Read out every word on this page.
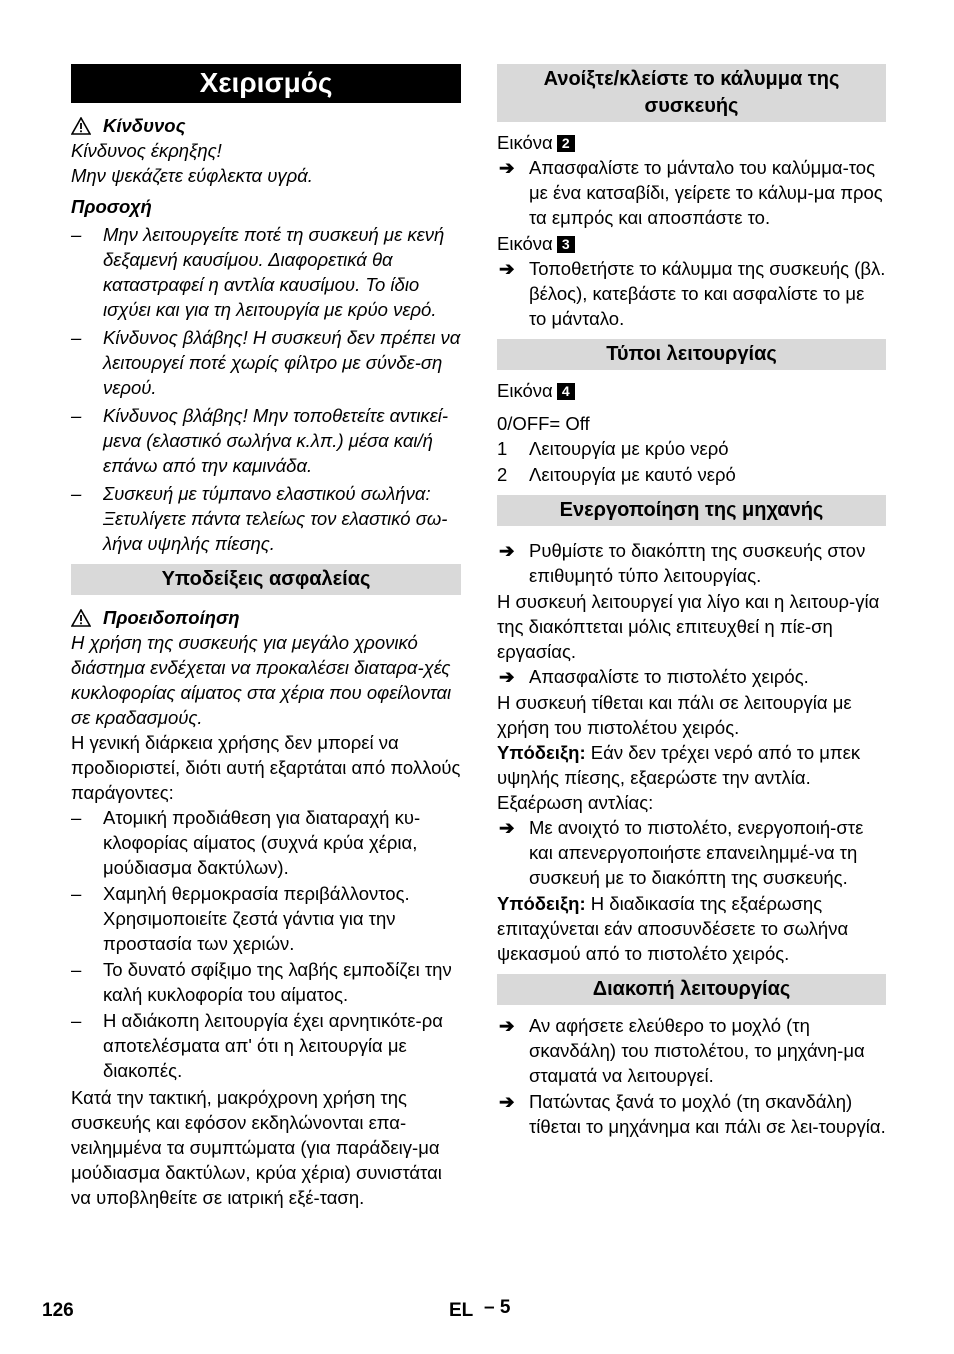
Χειρισμός
Κίνδυνος

Κίνδυνος έκρηξης!

Μην ψεκάζετε εύφλεκτα υγρά.

Προσοχή

– Μην λειτουργείτε ποτέ τη συσκευή με κενή δεξαμενή καυσίμου. Διαφορετικά θα καταστραφεί η αντλία καυσίμου. Το ίδιο ισχύει και για τη λειτουργία με κρύο νερό.
– Κίνδυνος βλάβης! Η συσκευή δεν πρέπει να λειτουργεί ποτέ χωρίς φίλτρο με σύνδε-ση νερού.
– Κίνδυνος βλάβης! Μην τοποθετείτε αντικεί-μενα (ελαστικό σωλήνα κ.λπ.) μέσα και/ή επάνω από την καμινάδα.
– Συσκευή με τύμπανο ελαστικού σωλήνα: Ξετυλίγετε πάντα τελείως τον ελαστικό σω-λήνα υψηλής πίεσης.
Υποδείξεις ασφαλείας
Προειδοποίηση

Η χρήση της συσκευής για μεγάλο χρονικό διάστημα ενδέχεται να προκαλέσει διαταρα-χές κυκλοφορίας αίματος στα χέρια που οφείλονται σε κραδασμούς.

Η γενική διάρκεια χρήσης δεν μπορεί να προδιοριστεί, διότι αυτή εξαρτάται από πολλούς παράγοντες:

– Ατομική προδιάθεση για διαταραχή κυ-κλοφορίας αίματος (συχνά κρύα χέρια, μούδιασμα δακτύλων).
– Χαμηλή θερμοκρασία περιβάλλοντος. Χρησιμοποιείτε ζεστά γάντια για την προστασία των χεριών.
– Το δυνατό σφίξιμο της λαβής εμποδίζει την καλή κυκλοφορία του αίματος.
– Η αδιάκοπη λειτουργία έχει αρνητικότε-ρα αποτελέσματα απ' ότι η λειτουργία με διακοπές.

Κατά την τακτική, μακρόχρονη χρήση της συσκευής και εφόσον εκδηλώνονται επα-νειλημμένα τα συμπτώματα (για παράδειγ-μα μούδιασμα δακτύλων, κρύα χέρια) συνιστάται να υποβληθείτε σε ιατρική εξέ-ταση.

Ανοίξτε/κλείστε το κάλυμμα της συσκευής

Εικόνα 2

➔ Απασφαλίστε το μάνταλο του καλύμμα-τος με ένα κατσαβίδι, γείρετε το κάλυμ-μα προς τα εμπρός και αποσπάστε το.

Εικόνα 3

➔ Τοποθετήστε το κάλυμμα της συσκευής (βλ. βέλος), κατεβάστε το και ασφαλίστε το με το μάνταλο.
Τύποι λειτουργίας

Εικόνα 4

0/OFF= Off

1 Λειτουργία με κρύο νερό
2 Λειτουργία με καυτό νερό
Ενεργοποίηση της μηχανής
➔ Ρυθμίστε το διακόπτη της συσκευής στον επιθυμητό τύπο λειτουργίας.

Η συσκευή λειτουργεί για λίγο και η λειτουρ-γία της διακόπτεται μόλις επιτευχθεί η πίε-ση εργασίας.

➔ Απασφαλίστε το πιστολέτο χειρός.

Η συσκευή τίθεται και πάλι σε λειτουργία με χρήση του πιστολέτου χειρός.

Υπόδειξη: Εάν δεν τρέχει νερό από το μπεκ υψηλής πίεσης, εξαερώστε την αντλία.

Εξαέρωση αντλίας:

➔ Με ανοιχτό το πιστολέτο, ενεργοποιή-στε και απενεργοποιήστε επανειλημμέ-να τη συσκευή με το διακόπτη της συσκευής.

Υπόδειξη: Η διαδικασία της εξαέρωσης επιταχύνεται εάν αποσυνδέσετε το σωλήνα ψεκασμού από το πιστολέτο χειρός.

Διακοπή λειτουργίας
➔ Αν αφήσετε ελεύθερο το μοχλό (τη σκανδάλη) του πιστολέτου, το μηχάνη-μα σταματά να λειτουργεί.
➔ Πατώντας ξανά το μοχλό (τη σκανδάλη) τίθεται το μηχάνημα και πάλι σε λει-τουργία.
126	EL – 5
